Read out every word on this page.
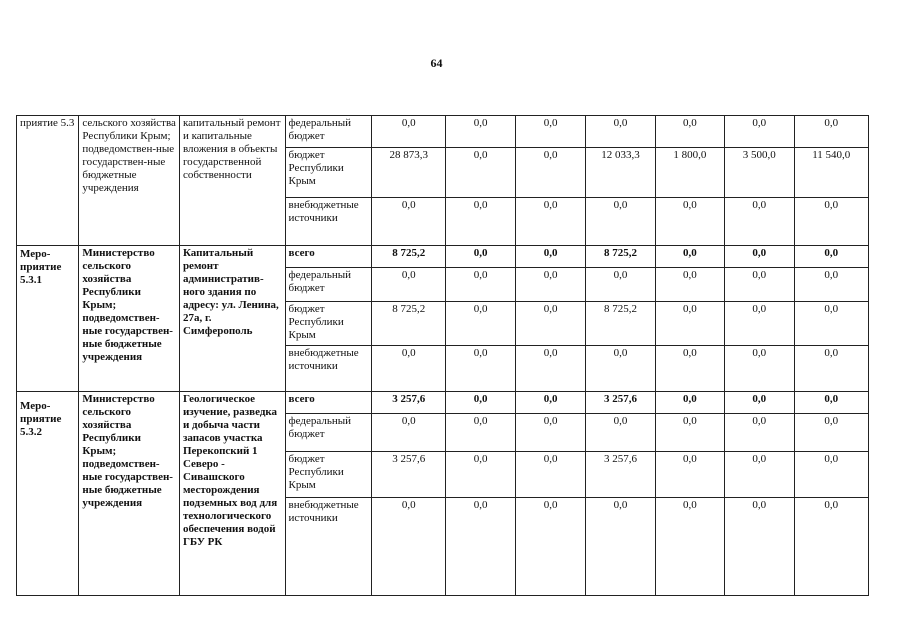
64
приятие 5.3	сельского хозяйства Республики Крым; подведомствен-ные государствен-ные бюджетные учреждения	капитальный ремонт и капитальные вложения в объекты государственной собственности	федеральный бюджет	0,0	0,0	0,0	0,0	0,0	0,0	0,0
			бюджет Республики Крым	28 873,3	0,0	0,0	12 033,3	1 800,0	3 500,0	11 540,0
			внебюджетные источники	0,0	0,0	0,0	0,0	0,0	0,0	0,0
Меро-приятие 5.3.1	Министерство сельского хозяйства Республики Крым; подведомствен-ные государствен-ные бюджетные учреждения	Капитальный ремонт административ-ного здания по адресу: ул. Ленина, 27а, г. Симферополь	всего	8 725,2	0,0	0,0	8 725,2	0,0	0,0	0,0
			федеральный бюджет	0,0	0,0	0,0	0,0	0,0	0,0	0,0
			бюджет Республики Крым	8 725,2	0,0	0,0	8 725,2	0,0	0,0	0,0
			внебюджетные источники	0,0	0,0	0,0	0,0	0,0	0,0	0,0
Меро-приятие 5.3.2	Министерство сельского хозяйства Республики Крым; подведомствен-ные государствен-ные бюджетные учреждения	Геологическое изучение, разведка и добыча части запасов участка Перекопский 1 Северо - Сивашского месторождения подземных вод для технологического обеспечения водой ГБУ РК	всего	3 257,6	0,0	0,0	3 257,6	0,0	0,0	0,0
			федеральный бюджет	0,0	0,0	0,0	0,0	0,0	0,0	0,0
			бюджет Республики Крым	3 257,6	0,0	0,0	3 257,6	0,0	0,0	0,0
			внебюджетные источники	0,0	0,0	0,0	0,0	0,0	0,0	0,0
